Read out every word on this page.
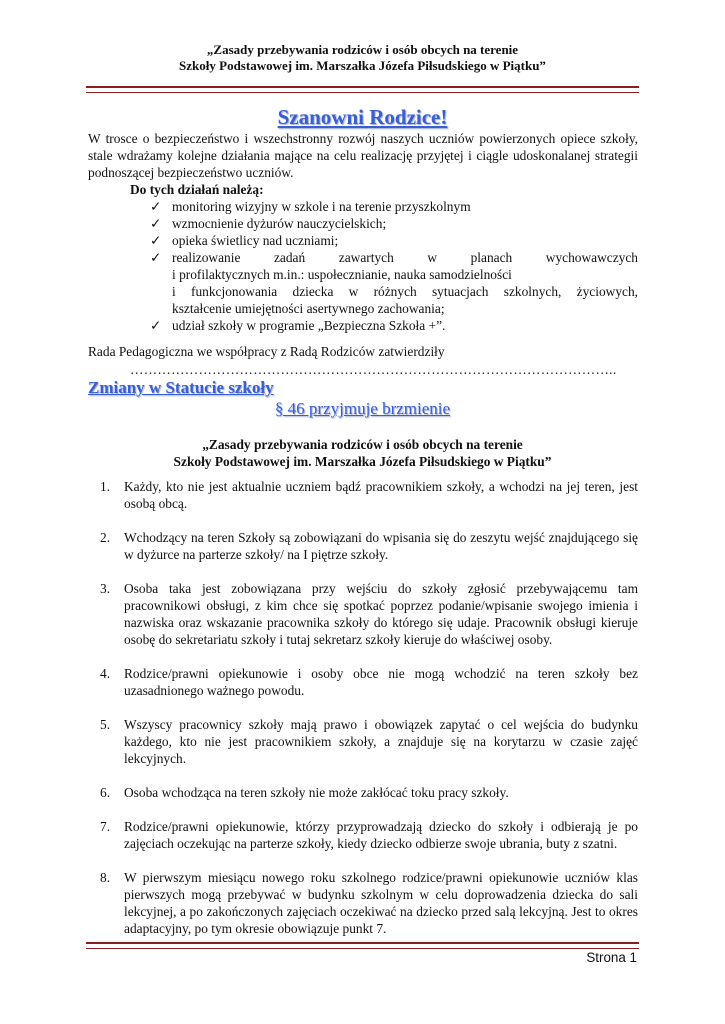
„Zasady przebywania rodziców i osób obcych na terenie
Szkoły Podstawowej im. Marszałka Józefa Piłsudskiego w Piątku”
Szanowni Rodzice!
W trosce o bezpieczeństwo i wszechstronny rozwój naszych uczniów powierzonych opiece szkoły, stale wdrażamy kolejne działania mające na celu realizację przyjętej i ciągle udoskonalanej strategii podnoszącej bezpieczeństwo uczniów.
Do tych działań należą:
✓ monitoring wizyjny w szkole i na terenie przyszkolnym
✓ wzmocnienie dyżurów nauczycielskich;
✓ opieka świetlicy nad uczniami;
✓ realizowanie zadań zawartych w planach wychowawczych
i profilaktycznych m.in.: uspołecznianie, nauka samodzielności
i funkcjonowania dziecka w różnych sytuacjach szkolnych, życiowych,
kształcenie umiejętności asertywnego zachowania;
✓ udział szkoły w programie „Bezpieczna Szkoła +”.
Rada Pedagogiczna we współpracy z Radą Rodziców zatwierdziły
……………………………………………………………………………………………..
Zmiany w Statucie szkoły
§ 46 przyjmuje brzmienie
„Zasady przebywania rodziców i osób obcych na terenie
Szkoły Podstawowej im. Marszałka Józefa Piłsudskiego w Piątku”
1. Każdy, kto nie jest aktualnie uczniem bądź pracownikiem szkoły, a wchodzi na jej teren, jest osobą obcą.
2. Wchodzący na teren Szkoły są zobowiązani do wpisania się do zeszytu wejść znajdującego się w dyżurce na parterze szkoły/ na I piętrze szkoły.
3. Osoba taka jest zobowiązana przy wejściu do szkoły zgłosić przebywającemu tam pracownikowi obsługi, z kim chce się spotkać poprzez podanie/wpisanie swojego imienia i nazwiska oraz wskazanie pracownika szkoły do którego się udaje. Pracownik obsługi kieruje osobę do sekretariatu szkoły i tutaj sekretarz szkoły kieruje do właściwej osoby.
4. Rodzice/prawni opiekunowie i osoby obce nie mogą wchodzić na teren szkoły bez uzasadnionego ważnego powodu.
5. Wszyscy pracownicy szkoły mają prawo i obowiązek zapytać o cel wejścia do budynku każdego, kto nie jest pracownikiem szkoły, a znajduje się na korytarzu w czasie zajęć lekcyjnych.
6. Osoba wchodząca na teren szkoły nie może zakłócać toku pracy szkoły.
7. Rodzice/prawni opiekunowie, którzy przyprowadzają dziecko do szkoły i odbierają je po zajęciach oczekując na parterze szkoły, kiedy dziecko odbierze swoje ubrania, buty z szatni.
8. W pierwszym miesiącu nowego roku szkolnego rodzice/prawni opiekunowie uczniów klas pierwszych mogą przebywać w budynku szkolnym w celu doprowadzenia dziecka do sali lekcyjnej, a po zakończonych zajęciach oczekiwać na dziecko przed salą lekcyjną. Jest to okres adaptacyjny, po tym okresie obowiązuje punkt 7.
Strona 1
